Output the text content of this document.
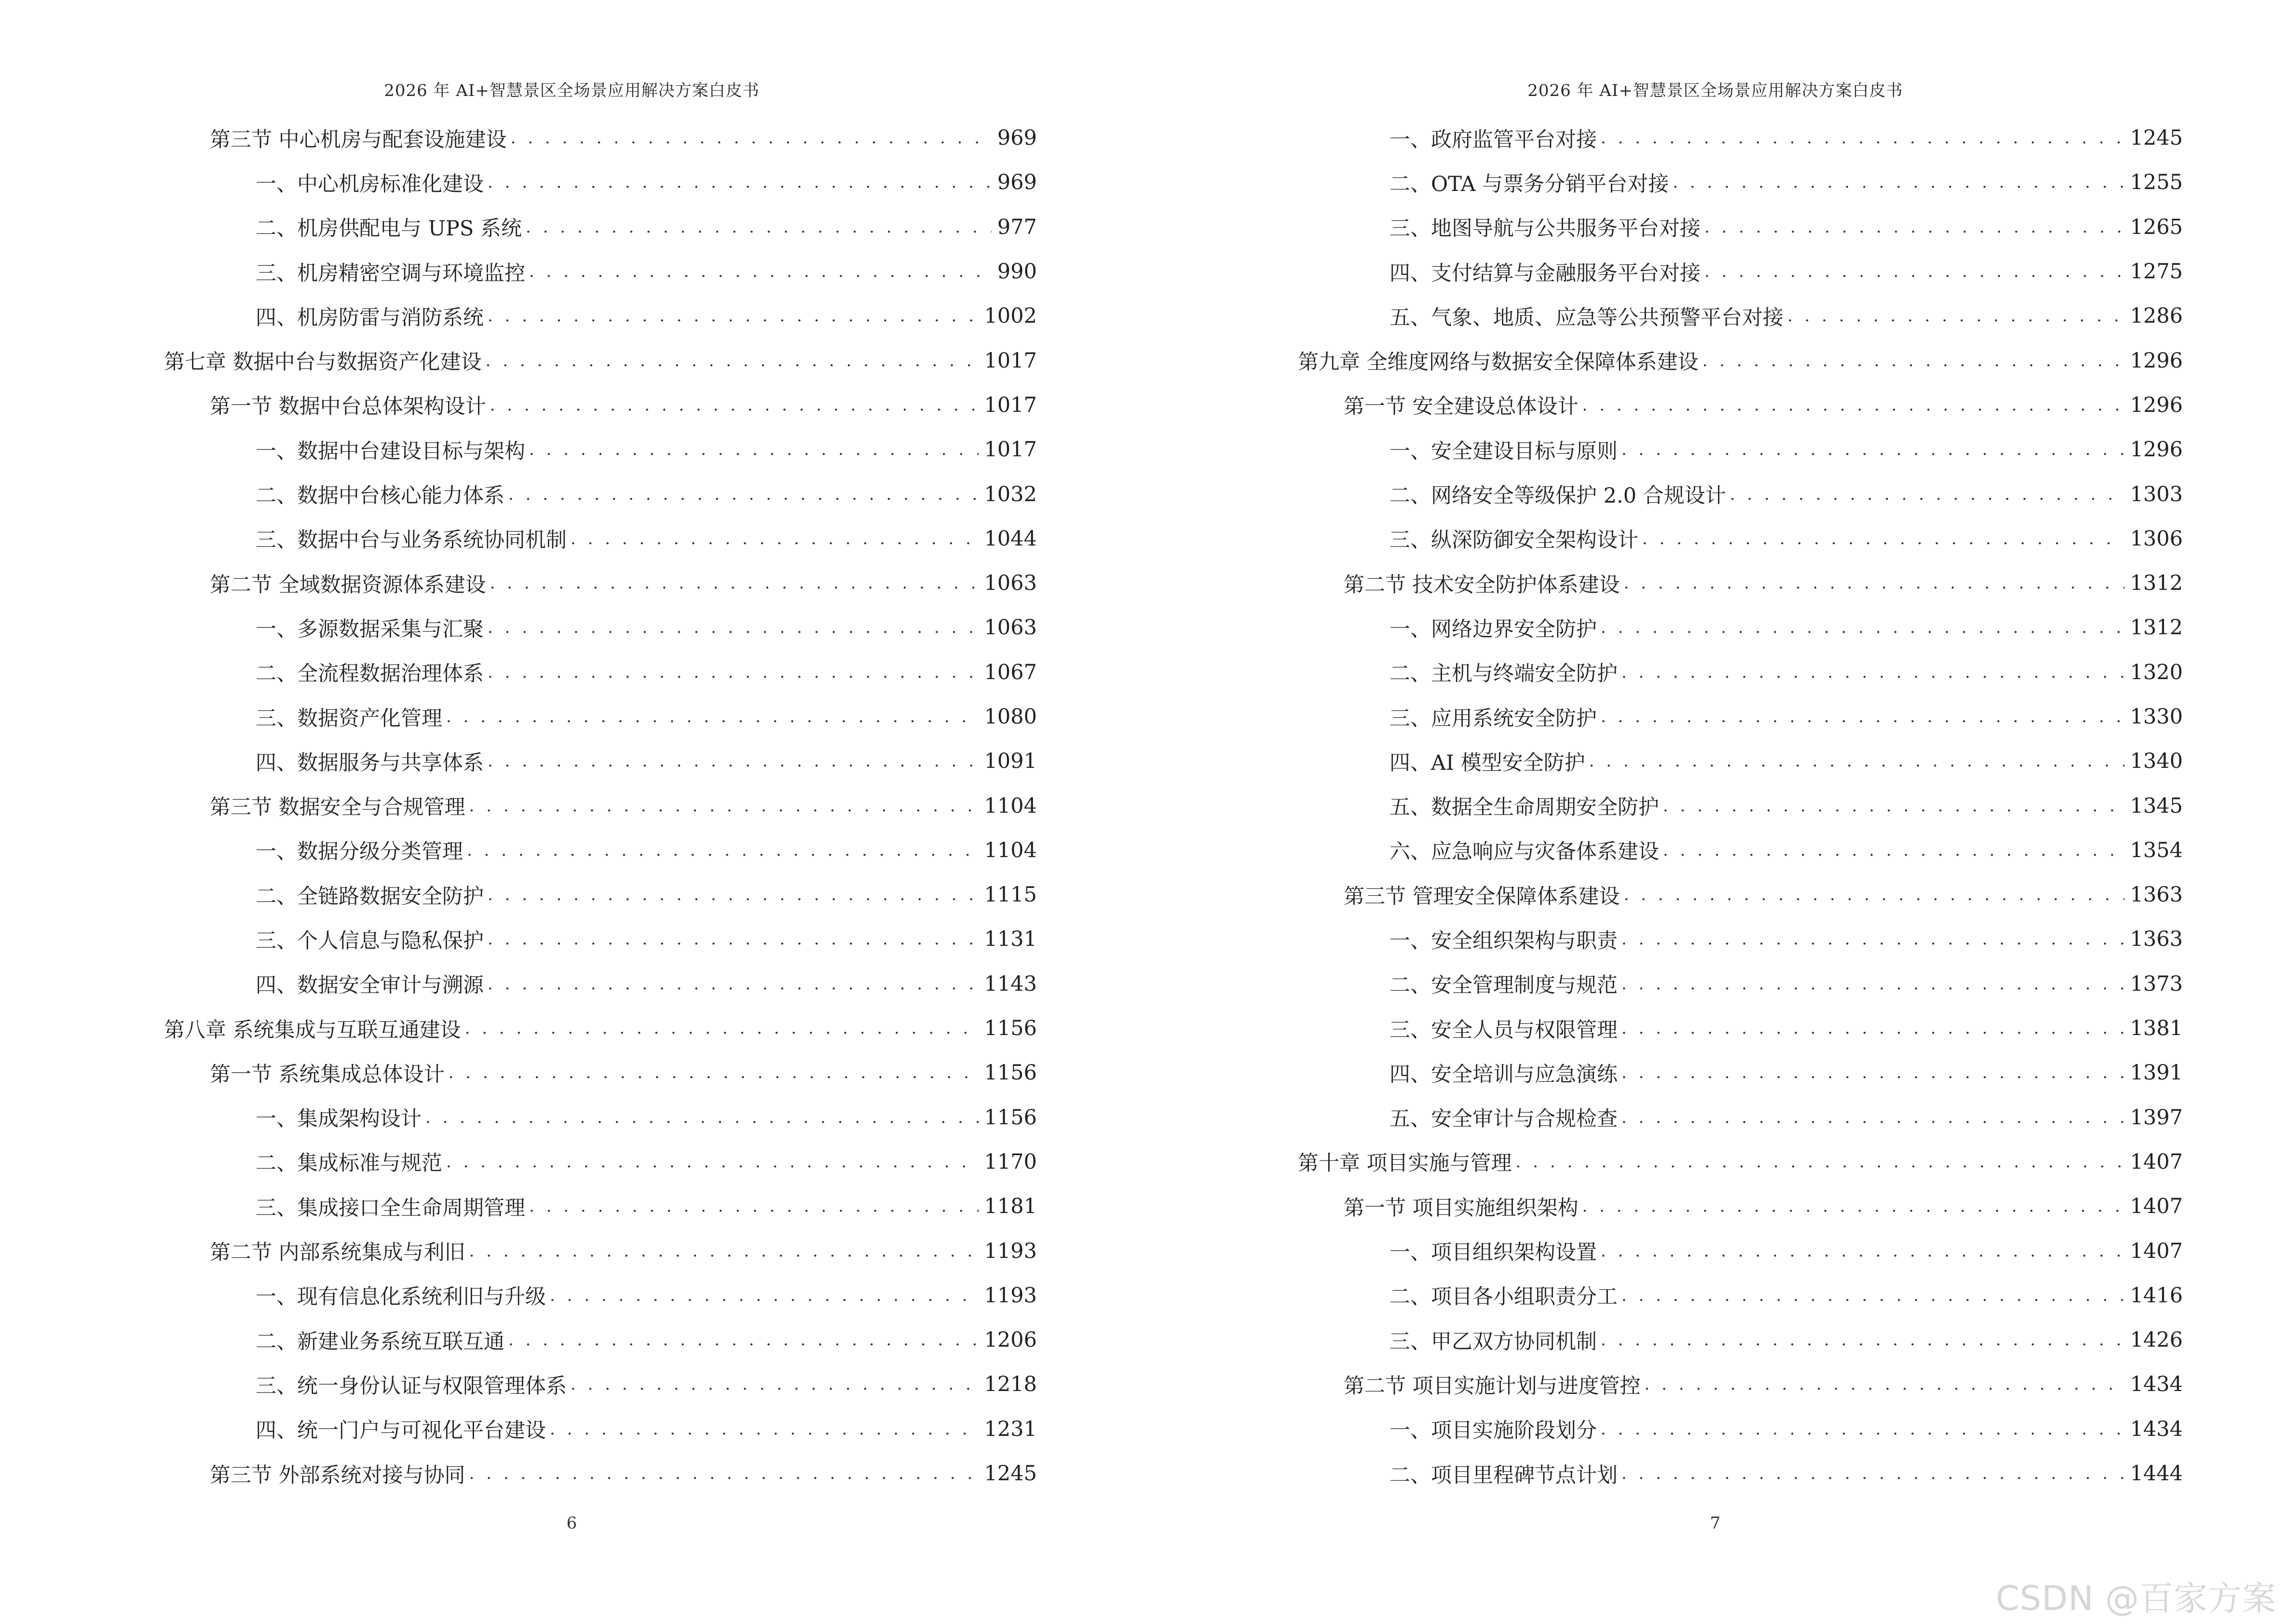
2026 年 AI+智慧景区全场景应用解决方案白皮书
第三节 中心机房与配套设施建设 . . .	969
一、中心机房标准化建设 . . .	969
二、机房供配电与 UPS 系统 . . .	977
三、机房精密空调与环境监控 . . .	990
四、机房防雷与消防系统 . . .	1002
第七章 数据中台与数据资产化建设 . . .	1017
第一节 数据中台总体架构设计 . . .	1017
一、数据中台建设目标与架构 . . .	1017
二、数据中台核心能力体系 . . .	1032
三、数据中台与业务系统协同机制 . . .	1044
第二节 全域数据资源体系建设 . . .	1063
一、多源数据采集与汇聚 . . .	1063
二、全流程数据治理体系 . . .	1067
三、数据资产化管理 . . .	1080
四、数据服务与共享体系 . . .	1091
第三节 数据安全与合规管理 . . .	1104
一、数据分级分类管理 . . .	1104
二、全链路数据安全防护 . . .	1115
三、个人信息与隐私保护 . . .	1131
四、数据安全审计与溯源 . . .	1143
第八章 系统集成与互联互通建设 . . .	1156
第一节 系统集成总体设计 . . .	1156
一、集成架构设计 . . .	1156
二、集成标准与规范 . . .	1170
三、集成接口全生命周期管理 . . .	1181
第二节 内部系统集成与利旧 . . .	1193
一、现有信息化系统利旧与升级 . . .	1193
二、新建业务系统互联互通 . . .	1206
三、统一身份认证与权限管理体系 . . .	1218
四、统一门户与可视化平台建设 . . .	1231
第三节 外部系统对接与协同 . . .	1245
6
2026 年 AI+智慧景区全场景应用解决方案白皮书
一、政府监管平台对接 . . .	1245
二、OTA 与票务分销平台对接 . . .	1255
三、地图导航与公共服务平台对接 . . .	1265
四、支付结算与金融服务平台对接 . . .	1275
五、气象、地质、应急等公共预警平台对接 . . .	1286
第九章 全维度网络与数据安全保障体系建设 . . .	1296
第一节 安全建设总体设计 . . .	1296
一、安全建设目标与原则 . . .	1296
二、网络安全等级保护 2.0 合规设计 . . .	1303
三、纵深防御安全架构设计 . . .	1306
第二节 技术安全防护体系建设 . . .	1312
一、网络边界安全防护 . . .	1312
二、主机与终端安全防护 . . .	1320
三、应用系统安全防护 . . .	1330
四、AI 模型安全防护 . . .	1340
五、数据全生命周期安全防护 . . .	1345
六、应急响应与灾备体系建设 . . .	1354
第三节 管理安全保障体系建设 . . .	1363
一、安全组织架构与职责 . . .	1363
二、安全管理制度与规范 . . .	1373
三、安全人员与权限管理 . . .	1381
四、安全培训与应急演练 . . .	1391
五、安全审计与合规检查 . . .	1397
第十章 项目实施与管理 . . .	1407
第一节 项目实施组织架构 . . .	1407
一、项目组织架构设置 . . .	1407
二、项目各小组职责分工 . . .	1416
三、甲乙双方协同机制 . . .	1426
第二节 项目实施计划与进度管控 . . .	1434
一、项目实施阶段划分 . . .	1434
二、项目里程碑节点计划 . . .	1444
7
CSDN @百家方案
